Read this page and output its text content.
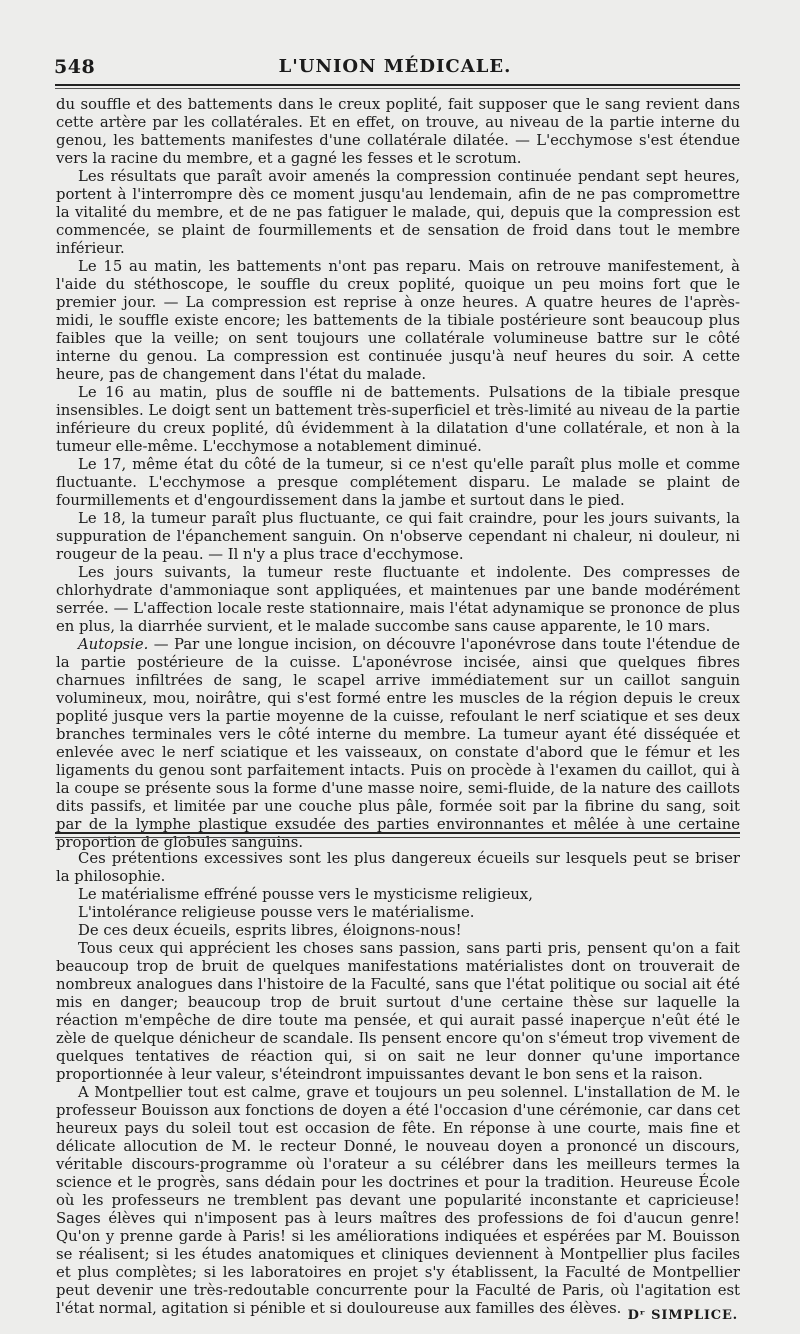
548	L'UNION MÉDICALE.

du souffle et des battements dans le creux poplité, fait supposer que le sang revient dans cette artère par les collatérales. Et en effet, on trouve, au niveau de la partie interne du genou, les battements manifestes d'une collatérale dilatée. — L'ecchymose s'est étendue vers la racine du membre, et a gagné les fesses et le scrotum.

Les résultats que paraît avoir amenés la compression continuée pendant sept heures, portent à l'interrompre dès ce moment jusqu'au lendemain, afin de ne pas compromettre la vitalité du membre, et de ne pas fatiguer le malade, qui, depuis que la compression est commencée, se plaint de fourmillements et de sensation de froid dans tout le membre inférieur.

Le 15 au matin, les battements n'ont pas reparu. Mais on retrouve manifestement, à l'aide du stéthoscope, le souffle du creux poplité, quoique un peu moins fort que le premier jour. — La compression est reprise à onze heures. A quatre heures de l'après-midi, le souffle existe encore; les battements de la tibiale postérieure sont beaucoup plus faibles que la veille; on sent toujours une collatérale volumineuse battre sur le côté interne du genou. La compression est continuée jusqu'à neuf heures du soir. A cette heure, pas de changement dans l'état du malade.

Le 16 au matin, plus de souffle ni de battements. Pulsations de la tibiale presque insensibles. Le doigt sent un battement très-superficiel et très-limité au niveau de la partie inférieure du creux poplité, dû évidemment à la dilatation d'une collatérale, et non à la tumeur elle-même. L'ecchymose a notablement diminué.

Le 17, même état du côté de la tumeur, si ce n'est qu'elle paraît plus molle et comme fluctuante. L'ecchymose a presque complétement disparu. Le malade se plaint de fourmillements et d'engourdissement dans la jambe et surtout dans le pied.

Le 18, la tumeur paraît plus fluctuante, ce qui fait craindre, pour les jours suivants, la suppuration de l'épanchement sanguin. On n'observe cependant ni chaleur, ni douleur, ni rougeur de la peau. — Il n'y a plus trace d'ecchymose.

Les jours suivants, la tumeur reste fluctuante et indolente. Des compresses de chlorhydrate d'ammoniaque sont appliquées, et maintenues par une bande modérément serrée. — L'affection locale reste stationnaire, mais l'état adynamique se prononce de plus en plus, la diarrhée survient, et le malade succombe sans cause apparente, le 10 mars.

Autopsie. — Par une longue incision, on découvre l'aponévrose dans toute l'étendue de la partie postérieure de la cuisse. L'aponévrose incisée, ainsi que quelques fibres charnues infiltrées de sang, le scapel arrive immédiatement sur un caillot sanguin volumineux, mou, noirâtre, qui s'est formé entre les muscles de la région depuis le creux poplité jusque vers la partie moyenne de la cuisse, refoulant le nerf sciatique et ses deux branches terminales vers le côté interne du membre. La tumeur ayant été disséquée et enlevée avec le nerf sciatique et les vaisseaux, on constate d'abord que le fémur et les ligaments du genou sont parfaitement intacts. Puis on procède à l'examen du caillot, qui à la coupe se présente sous la forme d'une masse noire, semi-fluide, de la nature des caillots dits passifs, et limitée par une couche plus pâle, formée soit par la fibrine du sang, soit par de la lymphe plastique exsudée des parties environnantes et mêlée à une certaine proportion de globules sanguins.

Ces prétentions excessives sont les plus dangereux écueils sur lesquels peut se briser la philosophie.

Le matérialisme effréné pousse vers le mysticisme religieux,

L'intolérance religieuse pousse vers le matérialisme.

De ces deux écueils, esprits libres, éloignons-nous!

Tous ceux qui apprécient les choses sans passion, sans parti pris, pensent qu'on a fait beaucoup trop de bruit de quelques manifestations matérialistes dont on trouverait de nombreux analogues dans l'histoire de la Faculté, sans que l'état politique ou social ait été mis en danger; beaucoup trop de bruit surtout d'une certaine thèse sur laquelle la réaction m'empêche de dire toute ma pensée, et qui aurait passé inaperçue n'eût été le zèle de quelque dénicheur de scandale. Ils pensent encore qu'on s'émeut trop vivement de quelques tentatives de réaction qui, si on sait ne leur donner qu'une importance proportionnée à leur valeur, s'éteindront impuissantes devant le bon sens et la raison.

A Montpellier tout est calme, grave et toujours un peu solennel. L'installation de M. le professeur Bouisson aux fonctions de doyen a été l'occasion d'une cérémonie, car dans cet heureux pays du soleil tout est occasion de fête. En réponse à une courte, mais fine et délicate allocution de M. le recteur Donné, le nouveau doyen a prononcé un discours, véritable discours-programme où l'orateur a su célébrer dans les meilleurs termes la science et le progrès, sans dédain pour les doctrines et pour la tradition. Heureuse École où les professeurs ne tremblent pas devant une popularité inconstante et capricieuse! Sages élèves qui n'imposent pas à leurs maîtres des professions de foi d'aucun genre! Qu'on y prenne garde à Paris! si les améliorations indiquées et espérées par M. Bouisson se réalisent; si les études anatomiques et cliniques deviennent à Montpellier plus faciles et plus complètes; si les laboratoires en projet s'y établissent, la Faculté de Montpellier peut devenir une très-redoutable concurrente pour la Faculté de Paris, où l'agitation est l'état normal, agitation si pénible et si douloureuse aux familles des élèves. Dʳ SIMPLICE.
